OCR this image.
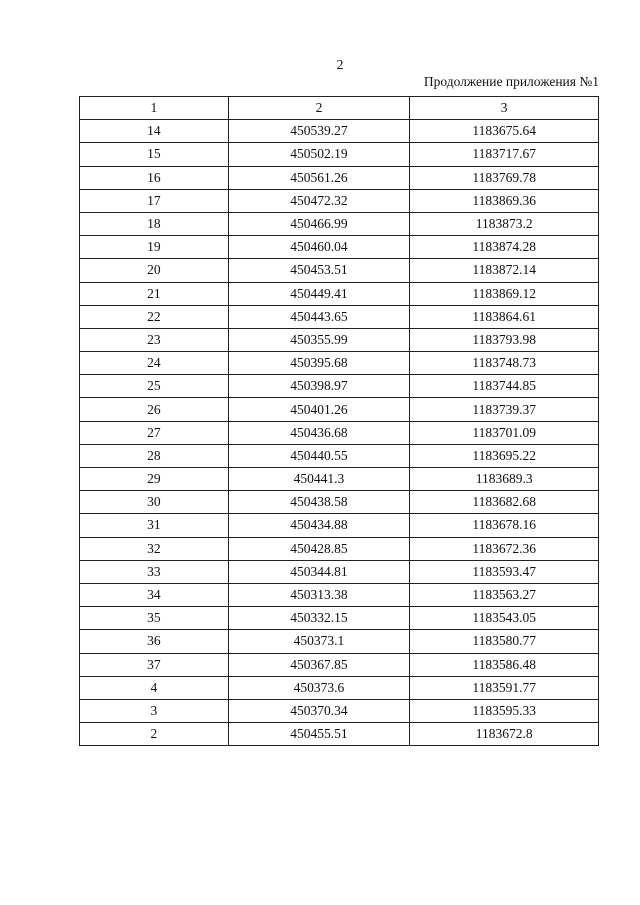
2
Продолжение приложения №1
1	2	3
14	450539.27	1183675.64
15	450502.19	1183717.67
16	450561.26	1183769.78
17	450472.32	1183869.36
18	450466.99	1183873.2
19	450460.04	1183874.28
20	450453.51	1183872.14
21	450449.41	1183869.12
22	450443.65	1183864.61
23	450355.99	1183793.98
24	450395.68	1183748.73
25	450398.97	1183744.85
26	450401.26	1183739.37
27	450436.68	1183701.09
28	450440.55	1183695.22
29	450441.3	1183689.3
30	450438.58	1183682.68
31	450434.88	1183678.16
32	450428.85	1183672.36
33	450344.81	1183593.47
34	450313.38	1183563.27
35	450332.15	1183543.05
36	450373.1	1183580.77
37	450367.85	1183586.48
4	450373.6	1183591.77
3	450370.34	1183595.33
2	450455.51	1183672.8
